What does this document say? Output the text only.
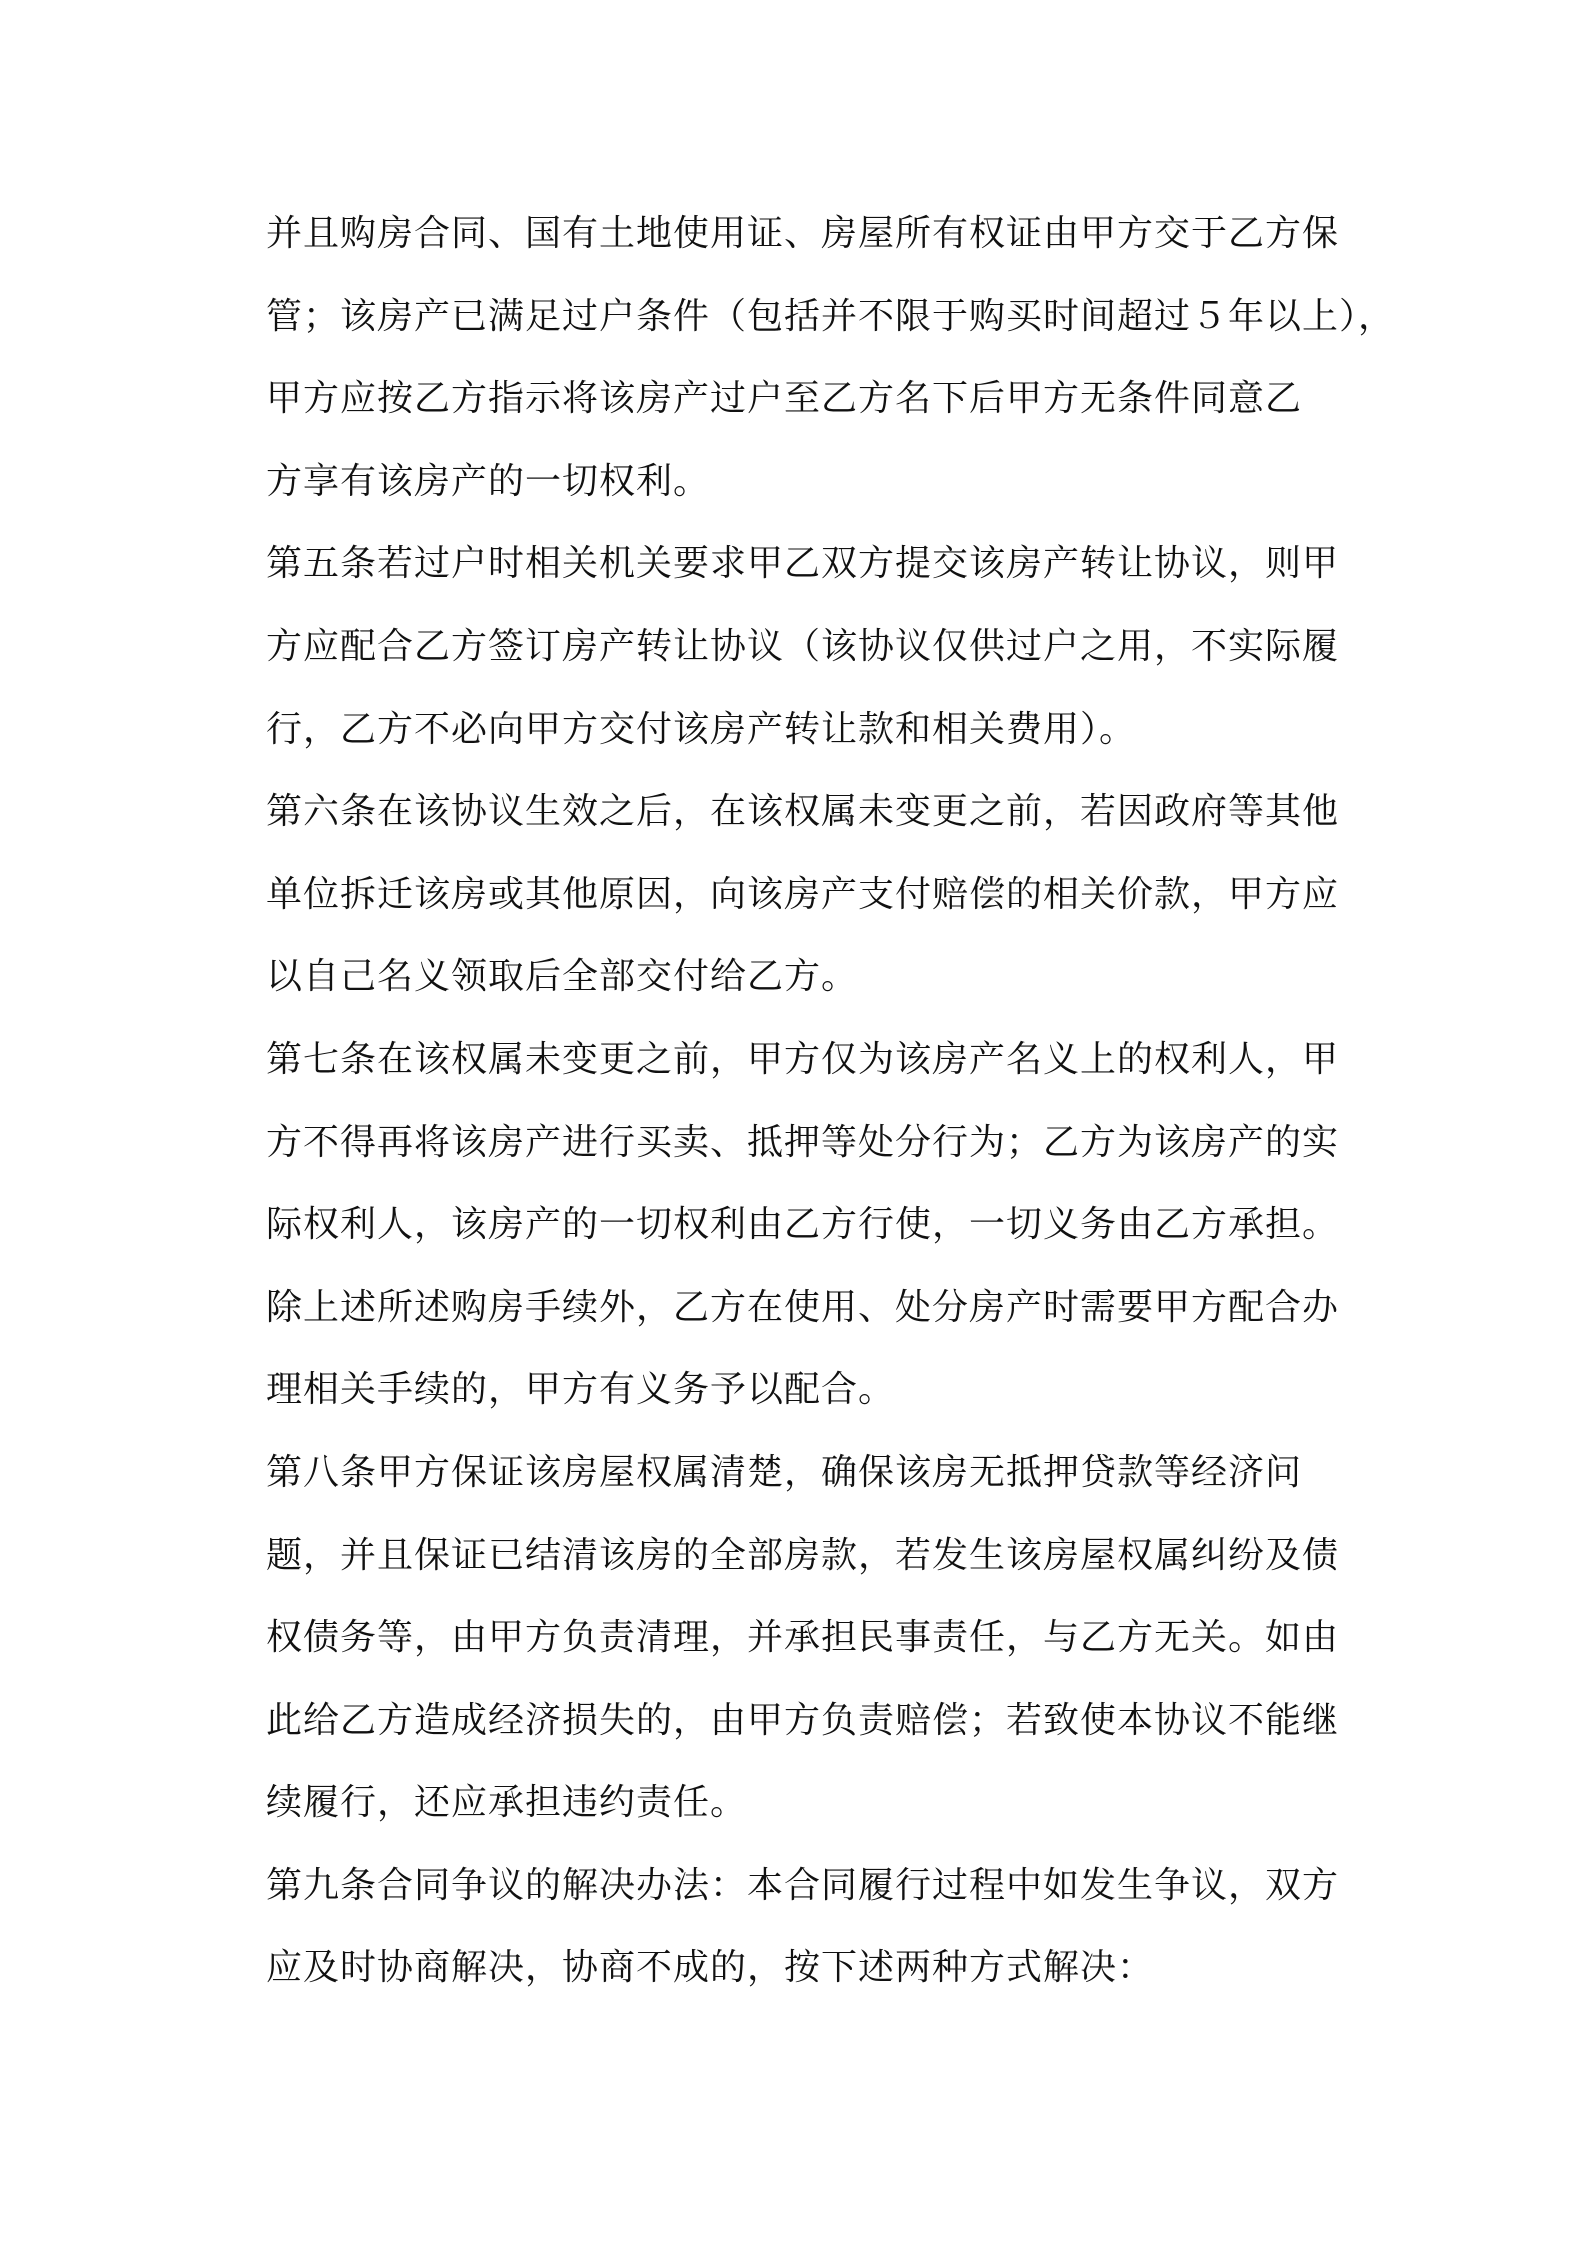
并且购房合同、国有土地使用证、房屋所有权证由甲方交于乙方保
管；该房产已满足过户条件（包括并不限于购买时间超过５年以上），
甲方应按乙方指示将该房产过户至乙方名下后甲方无条件同意乙
方享有该房产的一切权利。
第五条若过户时相关机关要求甲乙双方提交该房产转让协议，则甲
方应配合乙方签订房产转让协议（该协议仅供过户之用，不实际履
行，乙方不必向甲方交付该房产转让款和相关费用）。
第六条在该协议生效之后，在该权属未变更之前，若因政府等其他
单位拆迁该房或其他原因，向该房产支付赔偿的相关价款，甲方应
以自己名义领取后全部交付给乙方。
第七条在该权属未变更之前，甲方仅为该房产名义上的权利人，甲
方不得再将该房产进行买卖、抵押等处分行为；乙方为该房产的实
际权利人，该房产的一切权利由乙方行使，一切义务由乙方承担。
除上述所述购房手续外，乙方在使用、处分房产时需要甲方配合办
理相关手续的，甲方有义务予以配合。
第八条甲方保证该房屋权属清楚，确保该房无抵押贷款等经济问
题，并且保证已结清该房的全部房款，若发生该房屋权属纠纷及债
权债务等，由甲方负责清理，并承担民事责任，与乙方无关。如由
此给乙方造成经济损失的，由甲方负责赔偿；若致使本协议不能继
续履行，还应承担违约责任。
第九条合同争议的解决办法：本合同履行过程中如发生争议，双方
应及时协商解决，协商不成的，按下述两种方式解决：
